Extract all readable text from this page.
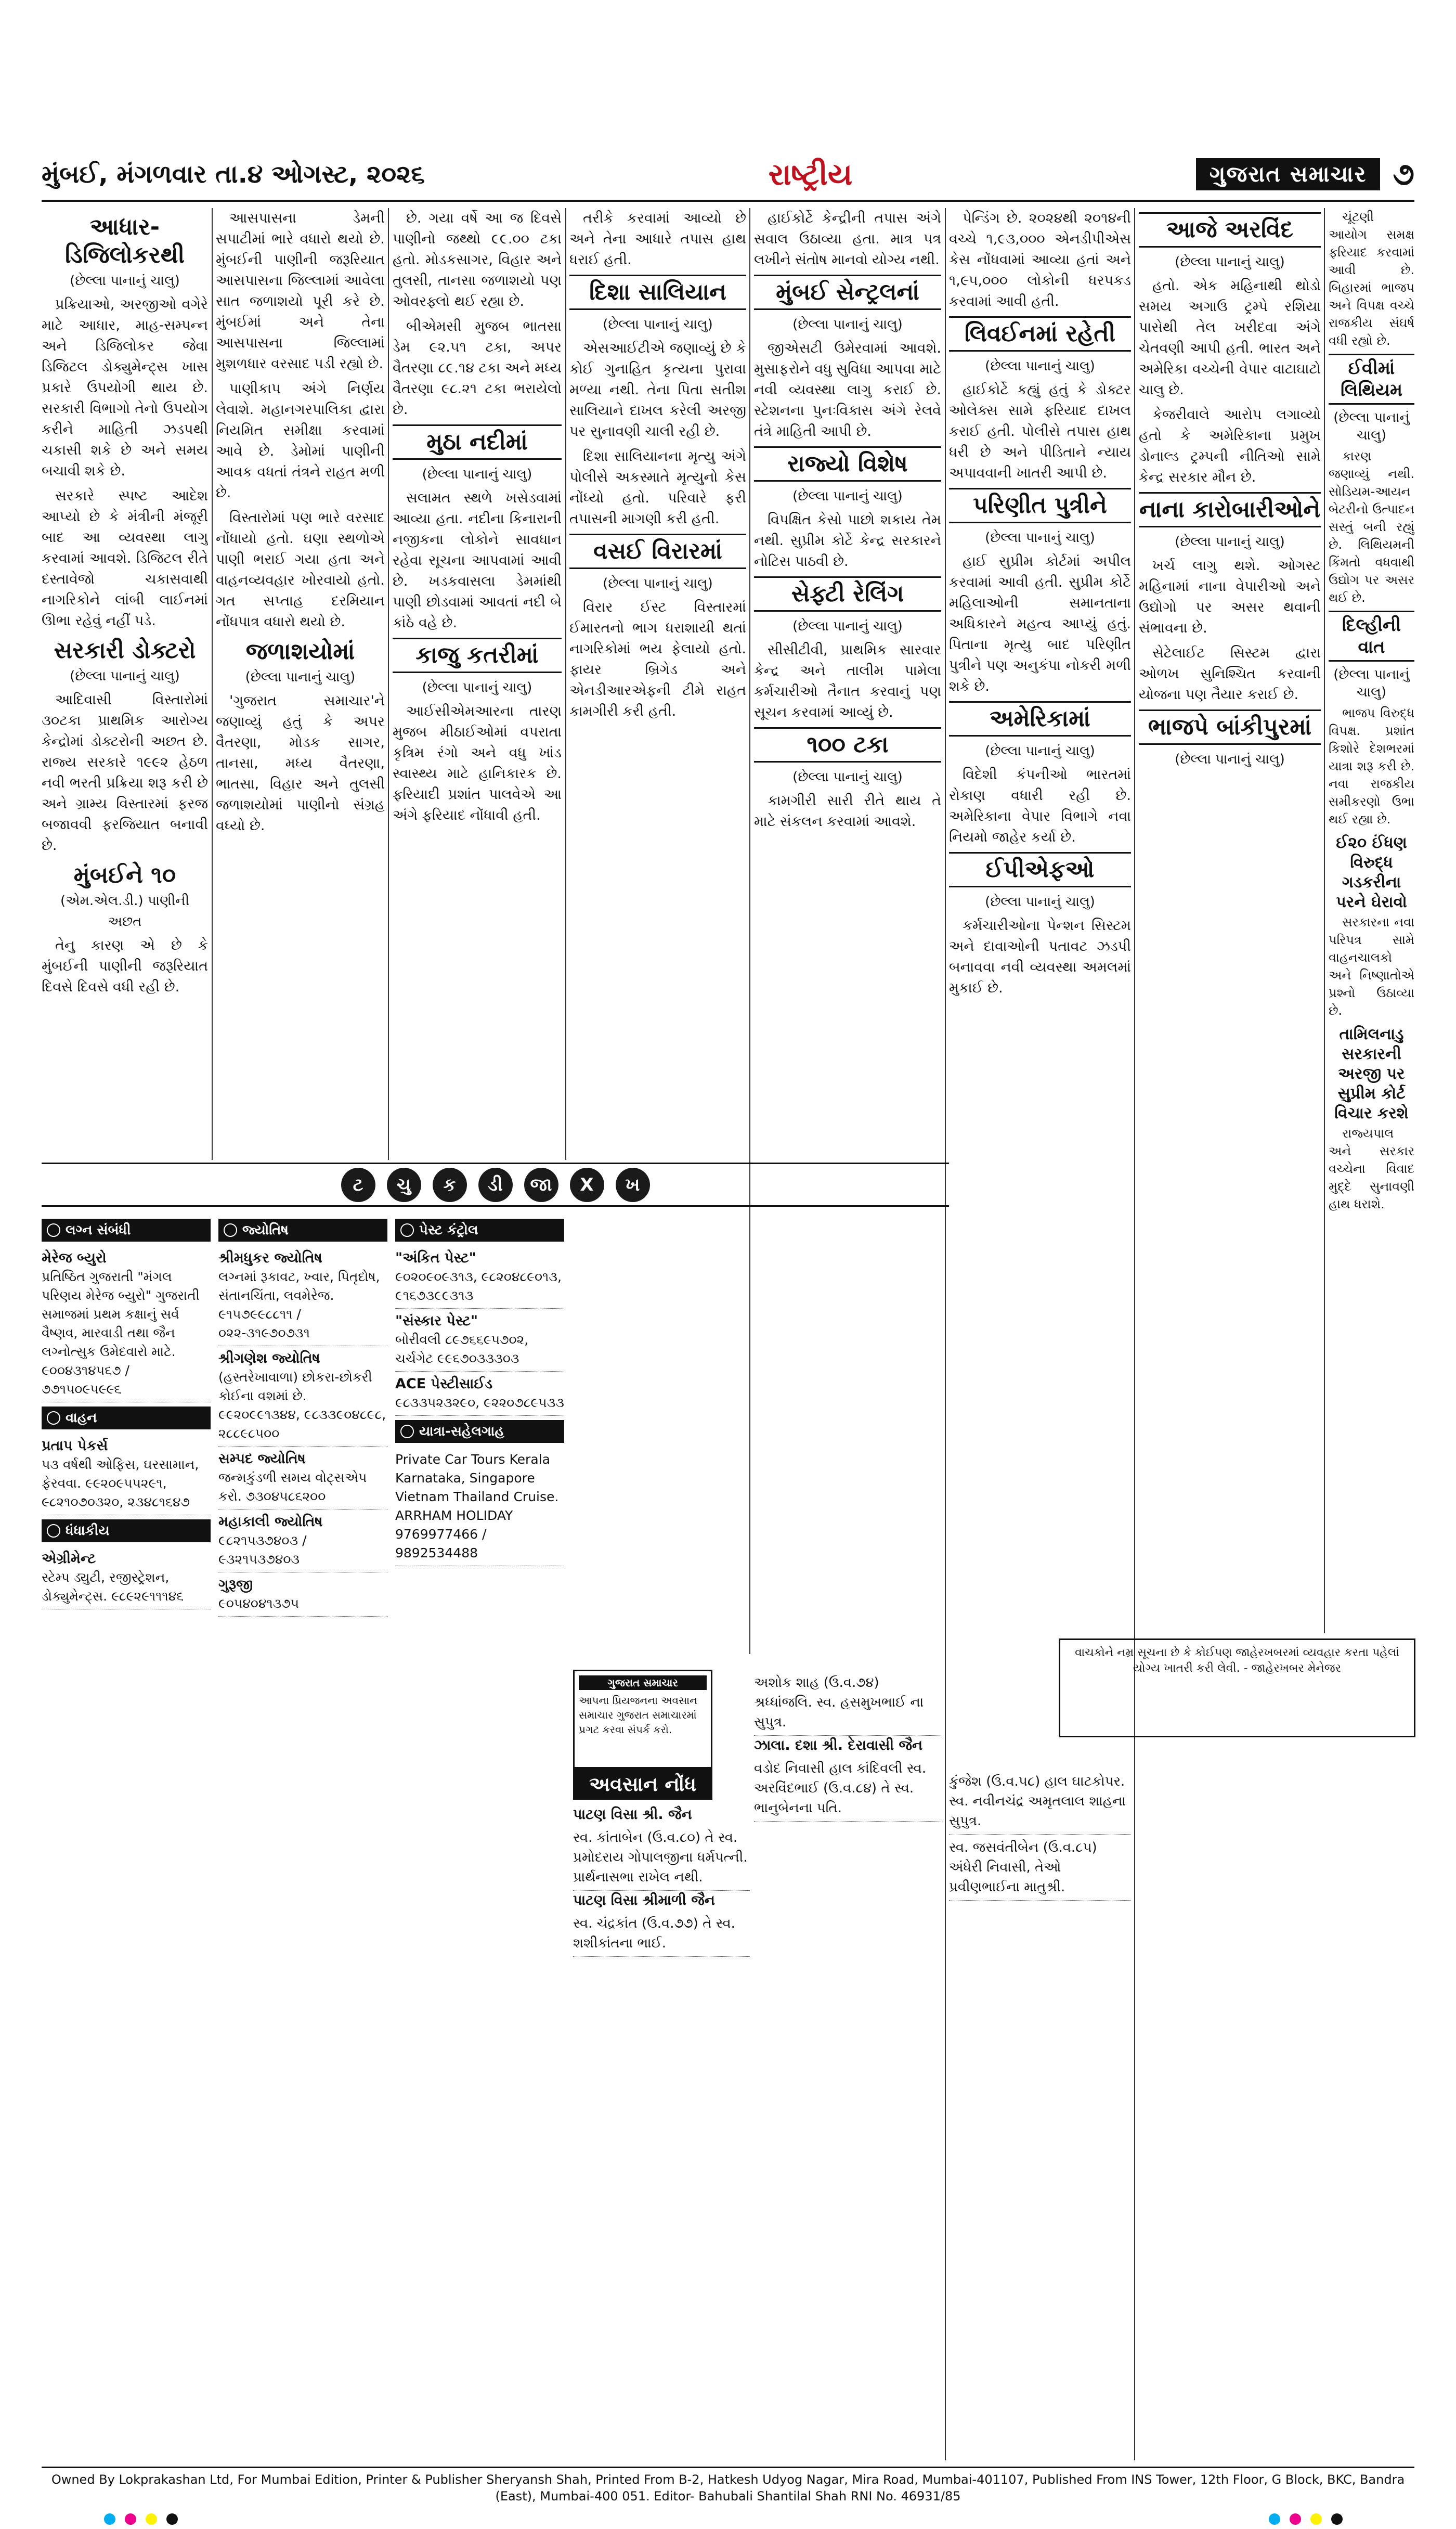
મુંબઈ, મંગળવાર તા.૪ ઓગસ્ટ, ૨૦૨૬	રાષ્ટ્રીય	ગુજરાત સમાચાર ૭
આધાર-ડિજિલોકરથી
(છેલ્લા પાનાનું ચાલુ)

પ્રક્રિયાઓ, અરજીઓ વગેરે માટે આધાર, માહ-સમ્પન્ન અને ડિજિલોકર જેવા ડિજિટલ ડોક્યુમેન્ટ્સ ખાસ પ્રકારે ઉપયોગી થાય છે. સરકારી વિભાગો તેનો ઉપયોગ કરીને માહિતી ઝડપથી ચકાસી શકે છે અને સમય બચાવી શકે છે.

સરકારે સ્પષ્ટ આદેશ આપ્યો છે કે મંત્રીની મંજૂરી બાદ આ વ્યવસ્થા લાગુ કરવામાં આવશે. ડિજિટલ રીતે દસ્તાવેજો ચકાસવાથી નાગરિકોને લાંબી લાઈનમાં ઊભા રહેવું નહીં પડે.

સરકારી ડોક્ટરો
(છેલ્લા પાનાનું ચાલુ)

આદિવાસી વિસ્તારોમાં ૩૦ટકા પ્રાથમિક આરોગ્ય કેન્દ્રોમાં ડોક્ટરોની અછત છે. રાજ્ય સરકારે ૧૯૯૨ હેઠળ નવી ભરતી પ્રક્રિયા શરૂ કરી છે અને ગ્રામ્ય વિસ્તારમાં ફરજ બજાવવી ફરજિયાત બનાવી છે.

મુંબઈને ૧૦
(એમ.એલ.ડી.) પાણીની અછત

તેનુ કારણ એ છે કે મુંબઈની પાણીની જરૂરિયાત દિવસે દિવસે વધી રહી છે.

આસપાસના ડેમની સપાટીમાં ભારે વધારો થયો છે. મુંબઈની પાણીની જરૂરિયાત આસપાસના જિલ્લામાં આવેલા સાત જળાશયો પૂરી કરે છે. મુંબઈમાં અને તેના આસપાસના જિલ્લામાં મુશળધાર વરસાદ પડી રહ્યો છે.

પાણીકાપ અંગે નિર્ણય લેવાશે. મહાનગરપાલિકા દ્વારા નિયમિત સમીક્ષા કરવામાં આવે છે. ડેમોમાં પાણીની આવક વધતાં તંત્રને રાહત મળી છે.

વિસ્તારોમાં પણ ભારે વરસાદ નોંધાયો હતો. ઘણા સ્થળોએ પાણી ભરાઈ ગયા હતા અને વાહનવ્યવહાર ખોરવાયો હતો. ગત સપ્તાહ દરમિયાન નોંધપાત્ર વધારો થયો છે.

જળાશયોમાં
(છેલ્લા પાનાનું ચાલુ)

'ગુજરાત સમાચાર'ને જણાવ્યું હતું કે અપર વૈતરણા, મોડક સાગર, તાનસા, મધ્ય વૈતરણા, ભાતસા, વિહાર અને તુલસી જળાશયોમાં પાણીનો સંગ્રહ વધ્યો છે.

છે. ગયા વર્ષે આ જ દિવસે પાણીનો જથ્થો ૯૯.૦૦ ટકા હતો. મોડકસાગર, વિહાર અને તુલસી, તાનસા જળાશયો પણ ઓવરફ્લો થઈ રહ્યા છે.

બીએમસી મુજબ ભાતસા ડેમ ૯૨.૫૧ ટકા, અપર વૈતરણા ૮૯.૧૪ ટકા અને મધ્ય વૈતરણા ૯૮.૨૧ ટકા ભરાયેલો છે.

મુઠા નદીમાં
(છેલ્લા પાનાનું ચાલુ)

સલામત સ્થળે ખસેડવામાં આવ્યા હતા. નદીના કિનારાની નજીકના લોકોને સાવધાન રહેવા સૂચના આપવામાં આવી છે. ખડકવાસલા ડેમમાંથી પાણી છોડવામાં આવતાં નદી બે કાંઠે વહે છે.

કાજુ કતરીમાં
(છેલ્લા પાનાનું ચાલુ)

આઈસીએમઆરના તારણ મુજબ મીઠાઈઓમાં વપરાતા કૃત્રિમ રંગો અને વધુ ખાંડ સ્વાસ્થ્ય માટે હાનિકારક છે. ફરિયાદી પ્રશાંત પાલવેએ આ અંગે ફરિયાદ નોંધાવી હતી.

તરીકે કરવામાં આવ્યો છે અને તેના આધારે તપાસ હાથ ધરાઈ હતી.

દિશા સાલિયાન
(છેલ્લા પાનાનું ચાલુ)

એસઆઈટીએ જણાવ્યું છે કે કોઈ ગુનાહિત કૃત્યના પુરાવા મળ્યા નથી. તેના પિતા સતીશ સાલિયાને દાખલ કરેલી અરજી પર સુનાવણી ચાલી રહી છે.

દિશા સાલિયાનના મૃત્યુ અંગે પોલીસે અકસ્માતે મૃત્યુનો કેસ નોંધ્યો હતો. પરિવારે ફરી તપાસની માગણી કરી હતી.

વસઈ વિરારમાં
(છેલ્લા પાનાનું ચાલુ)

વિરાર ઈસ્ટ વિસ્તારમાં ઈમારતનો ભાગ ધરાશાયી થતાં નાગરિકોમાં ભય ફેલાયો હતો. ફાયર બ્રિગેડ અને એનડીઆરએફની ટીમે રાહત કામગીરી કરી હતી.

હાઈકોર્ટે કેન્દ્રીની તપાસ અંગે સવાલ ઉઠાવ્યા હતા. માત્ર પત્ર લખીને સંતોષ માનવો યોગ્ય નથી.

મુંબઈ સેન્ટ્રલનાં
(છેલ્લા પાનાનું ચાલુ)

જીએસટી ઉમેરવામાં આવશે. મુસાફરોને વધુ સુવિધા આપવા માટે નવી વ્યવસ્થા લાગુ કરાઈ છે. સ્ટેશનના પુનઃવિકાસ અંગે રેલવે તંત્રે માહિતી આપી છે.

રાજ્યો વિશેષ
(છેલ્લા પાનાનું ચાલુ)

વિપક્ષિત કેસો પાછો શકાય તેમ નથી. સુપ્રીમ કોર્ટે કેન્દ્ર સરકારને નોટિસ પાઠવી છે.

સેફ્ટી રેલિંગ
(છેલ્લા પાનાનું ચાલુ)

સીસીટીવી, પ્રાથમિક સારવાર કેન્દ્ર અને તાલીમ પામેલા કર્મચારીઓ તૈનાત કરવાનું પણ સૂચન કરવામાં આવ્યું છે.

૧૦૦ ટકા
(છેલ્લા પાનાનું ચાલુ)

કામગીરી સારી રીતે થાય તે માટે સંકલન કરવામાં આવશે.

પેન્ડિંગ છે. ૨૦૨૪થી ૨૦૧૪ની વચ્ચે ૧,૯૩,૦૦૦ એનડીપીએસ કેસ નોંધવામાં આવ્યા હતાં અને ૧,૯૫,૦૦૦ લોકોની ધરપકડ કરવામાં આવી હતી.

લિવઈનમાં રહેતી
(છેલ્લા પાનાનું ચાલુ)

હાઈકોર્ટે કહ્યું હતું કે ડોક્ટર ઓલેક્સ સામે ફરિયાદ દાખલ કરાઈ હતી. પોલીસે તપાસ હાથ ધરી છે અને પીડિતાને ન્યાય અપાવવાની ખાતરી આપી છે.

પરિણીત પુત્રીને
(છેલ્લા પાનાનું ચાલુ)

હાઈ સુપ્રીમ કોર્ટમાં અપીલ કરવામાં આવી હતી. સુપ્રીમ કોર્ટે મહિલાઓની સમાનતાના અધિકારને મહત્વ આપ્યું હતું. પિતાના મૃત્યુ બાદ પરિણીત પુત્રીને પણ અનુકંપા નોકરી મળી શકે છે.

અમેરિકામાં
(છેલ્લા પાનાનું ચાલુ)

વિદેશી કંપનીઓ ભારતમાં રોકાણ વધારી રહી છે. અમેરિકાના વેપાર વિભાગે નવા નિયમો જાહેર કર્યા છે.

ઈપીએફઓ
(છેલ્લા પાનાનું ચાલુ)

કર્મચારીઓના પેન્શન સિસ્ટમ અને દાવાઓની પતાવટ ઝડપી બનાવવા નવી વ્યવસ્થા અમલમાં મુકાઈ છે.

આજે અરવિંદ
(છેલ્લા પાનાનું ચાલુ)

હતો. એક મહિનાથી થોડો સમય અગાઉ ટ્રમ્પે રશિયા પાસેથી તેલ ખરીદવા અંગે ચેતવણી આપી હતી. ભારત અને અમેરિકા વચ્ચેની વેપાર વાટાઘાટો ચાલુ છે.

કેજરીવાલે આરોપ લગાવ્યો હતો કે અમેરિકાના પ્રમુખ ડોનાલ્ડ ટ્રમ્પની નીતિઓ સામે કેન્દ્ર સરકાર મૌન છે.

નાના કારોબારીઓને
(છેલ્લા પાનાનું ચાલુ)

ખર્ચ લાગુ થશે. ઓગસ્ટ મહિનામાં નાના વેપારીઓ અને ઉદ્યોગો પર અસર થવાની સંભાવના છે.

સેટેલાઈટ સિસ્ટમ દ્વારા ઓળખ સુનિશ્ચિત કરવાની યોજના પણ તૈયાર કરાઈ છે.

ભાજપે બાંકીપુરમાં
(છેલ્લા પાનાનું ચાલુ)

ચૂંટણી આયોગ સમક્ષ ફરિયાદ કરવામાં આવી છે. બિહારમાં ભાજપ અને વિપક્ષ વચ્ચે રાજકીય સંઘર્ષ વધી રહ્યો છે.

ઈવીમાં લિથિયમ
(છેલ્લા પાનાનું ચાલુ)

કારણ જણાવ્યું નથી. સોડિયમ-આયન બેટરીનો ઉત્પાદન સસ્તું બની રહ્યું છે. લિથિયમની કિંમતો વધવાથી ઉદ્યોગ પર અસર થઈ છે.

દિલ્હીની વાત
(છેલ્લા પાનાનું ચાલુ)

ભાજપ વિરુદ્ધ વિપક્ષ. પ્રશાંત કિશોરે દેશભરમાં યાત્રા શરૂ કરી છે. નવા રાજકીય સમીકરણો ઉભા થઈ રહ્યા છે.

ઈ૨૦ ઈંધણ વિરુદ્ધ ગડકરીના પરને ઘેરાવો

સરકારના નવા પરિપત્ર સામે વાહનચાલકો અને નિષ્ણાતોએ પ્રશ્નો ઉઠાવ્યા છે.

તામિલનાડુ સરકારની અરજી પર સુપ્રીમ કોર્ટ વિચાર કરશે

રાજ્યપાલ અને સરકાર વચ્ચેના વિવાદ મુદ્દે સુનાવણી હાથ ધરાશે.

વાચકોને નમ્ર સૂચના છે કે કોઈપણ જાહેરખબરમાં વ્યવહાર કરતા પહેલાં યોગ્ય ખાતરી કરી લેવી. - જાહેરખબર મેનેજર
ટ	ચુ	ક	ડી	જા	X	ખ
લગ્ન સંબંધી
મેરેજ બ્યુરો
પ્રતિષ્ઠિત ગુજરાતી "મંગલ પરિણય મેરેજ બ્યુરો" ગુજરાતી સમાજમાં પ્રથમ કક્ષાનું સર્વ વૈષ્ણવ, મારવાડી તથા જૈન લગ્નોત્સુક ઉમેદવારો માટે. ૯૦૦૪૩૧૪૫૬૭ / ૭૭૧૫૦૯૫૯૯૬
વાહન
પ્રતાપ પેકર્સ
૫૩ વર્ષથી ઓફિસ, ઘરસામાન, ફેરવવા. ૯૯૨૦૯૫૫૨૯૧, ૯૮૨૧૦૭૦૩૨૦, ૨૩૪૮૧૬૪૭
ધંધાકીય
એગ્રીમેન્ટ
સ્ટેમ્પ ડ્યુટી, રજીસ્ટ્રેશન, ડોક્યુમેન્ટ્સ. ૯૮૯૨૯૧૧૧૪૬
જ્યોતિષ
શ્રીમધુકર જ્યોતિષ
લગ્નમાં રૂકાવટ, ખ્વાર, પિતૃદોષ, સંતાનચિંતા, લવમેરેજ. ૯૧૫૭૯૯૮૮૧૧ / ૦૨૨-૩૧૯૭૦૭૩૧
શ્રીગણેશ જ્યોતિષ
(હસ્તરેખાવાળા) છોકરા-છોકરી કોઈના વશમાં છે. ૯૯૨૦૯૯૧૩૪૪, ૯૮૩૩૯૦૪૮૯૮, ૨૮૮૯૮૫૦૦
સમ્પદ જ્યોતિષ
જન્મકુંડળી સમય વોટ્સએપ કરો. ૭૩૦૪૫૮૬૨૦૦
મહાકાલી જ્યોતિષ
૯૮૨૧૫૩૭૪૦૩ / ૯૩૨૧૫૩૭૪૦૩
ગુરૂજી
૯૦૫૪૦૪૧૩૭૫
પેસ્ટ કંટ્રોલ
"અંકિત પેસ્ટ"
૯૦૨૦૯૦૯૩૧૩, ૯૮૨૦૪૮૯૦૧૩, ૯૧૬૭૩૯૯૩૧૩
"સંસ્કાર પેસ્ટ"
બોરીવલી ૮૯૭૬૬૯૫૭૦૨, ચર્ચગેટ ૯૯૬૭૦૩૩૩૦૩
ACE પેસ્ટીસાઈડ
૯૮૩૩૫૨૩૨૯૦, ૯૨૨૦૭૮૯૫૩૩
યાત્રા-સહેલગાહ
Private Car Tours Kerala Karnataka, Singapore Vietnam Thailand Cruise. ARRHAM HOLIDAY 9769977466 / 9892534488
ગુજરાત સમાચાર
આપના પ્રિયજનના અવસાન સમાચાર ગુજરાત સમાચારમાં પ્રગટ કરવા સંપર્ક કરો.
અવસાન નોંધ
પાટણ વિસા શ્રી. જૈન
સ્વ. કાંતાબેન (ઉ.વ.૮૦) તે સ્વ. પ્રમોદરાય ગોપાલજીના ધર્મપત્ની. પ્રાર્થનાસભા રાખેલ નથી.
પાટણ વિસા શ્રીમાળી જૈન
સ્વ. ચંદ્રકાંત (ઉ.વ.૭૭) તે સ્વ. શશીકાંતના ભાઈ.
અશોક શાહ (ઉ.વ.૭૪) શ્રધ્ધાંજલિ. સ્વ. હસમુખભાઈ ના સુપુત્ર.
ઝાલા. દશા શ્રી. દેરાવાસી જૈન
વડોદ નિવાસી હાલ કાંદિવલી સ્વ. અરવિંદભાઈ (ઉ.વ.૮૪) તે સ્વ. ભાનુબેનના પતિ.
કુંજેશ (ઉ.વ.૫૮) હાલ ઘાટકોપર. સ્વ. નવીનચંદ્ર અમૃતલાલ શાહના સુપુત્ર.
સ્વ. જસવંતીબેન (ઉ.વ.૮૫) અંધેરી નિવાસી, તેઓ પ્રવીણભાઈના માતુશ્રી.
Owned By Lokprakashan Ltd, For Mumbai Edition, Printer & Publisher Sheryansh Shah, Printed From B-2, Hatkesh Udyog Nagar, Mira Road, Mumbai-401107, Published From INS Tower, 12th Floor, G Block, BKC, Bandra (East), Mumbai-400 051. Editor- Bahubali Shantilal Shah RNI No. 46931/85
